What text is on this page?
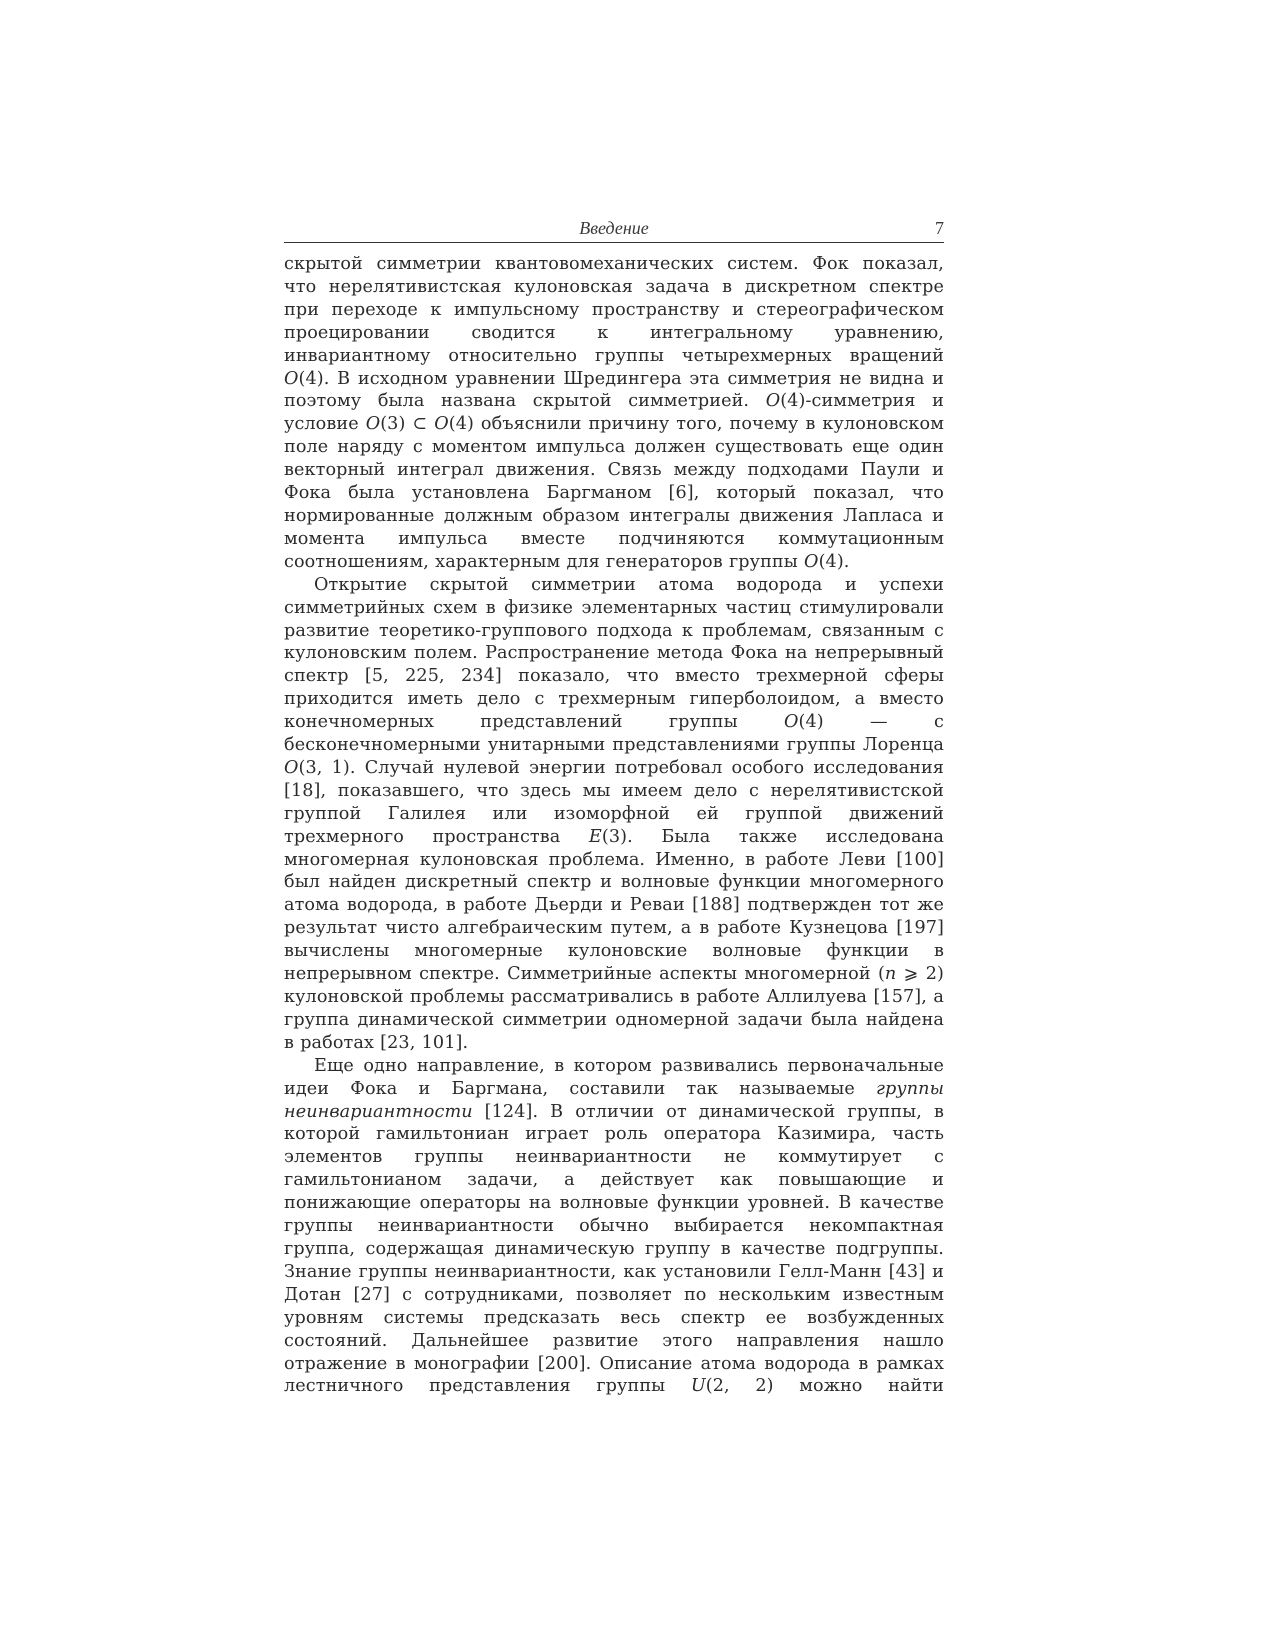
Введение	7

скрытой симметрии квантовомеханических систем. Фок показал, что нерелятивистская кулоновская задача в дискретном спектре при переходе к импульсному пространству и стереографическом проецировании сводится к интегральному уравнению, инвариантному относительно группы четырехмерных вращений O(4). В исходном уравнении Шредингера эта симметрия не видна и поэтому была названа скрытой симметрией. O(4)-симметрия и условие O(3) ⊂ O(4) объяснили причину того, почему в кулоновском поле наряду с моментом импульса должен существовать еще один векторный интеграл движения. Связь между подходами Паули и Фока была установлена Баргманом [6], который показал, что нормированные должным образом интегралы движения Лапласа и момента импульса вместе подчиняются коммутационным соотношениям, характерным для генераторов группы O(4).

Открытие скрытой симметрии атома водорода и успехи симметрийных схем в физике элементарных частиц стимулировали развитие теоретико-группового подхода к проблемам, связанным с кулоновским полем. Распространение метода Фока на непрерывный спектр [5, 225, 234] показало, что вместо трехмерной сферы приходится иметь дело с трехмерным гиперболоидом, а вместо конечномерных представлений группы O(4) — с бесконечномерными унитарными представлениями группы Лоренца O(3, 1). Случай нулевой энергии потребовал особого исследования [18], показавшего, что здесь мы имеем дело с нерелятивистской группой Галилея или изоморфной ей группой движений трехмерного пространства E(3). Была также исследована многомерная кулоновская проблема. Именно, в работе Леви [100] был найден дискретный спектр и волновые функции многомерного атома водорода, в работе Дьерди и Реваи [188] подтвержден тот же результат чисто алгебраическим путем, а в работе Кузнецова [197] вычислены многомерные кулоновские волновые функции в непрерывном спектре. Симметрийные аспекты многомерной (n ⩾ 2) кулоновской проблемы рассматривались в работе Аллилуева [157], а группа динамической симметрии одномерной задачи была найдена в работах [23, 101].

Еще одно направление, в котором развивались первоначальные идеи Фока и Баргмана, составили так называемые группы неинвариантности [124]. В отличии от динамической группы, в которой гамильтониан играет роль оператора Казимира, часть элементов группы неинвариантности не коммутирует с гамильтонианом задачи, а действует как повышающие и понижающие операторы на волновые функции уровней. В качестве группы неинвариантности обычно выбирается некомпактная группа, содержащая динамическую группу в качестве подгруппы. Знание группы неинвариантности, как установили Гелл-Манн [43] и Дотан [27] с сотрудниками, позволяет по нескольким известным уровням системы предсказать весь спектр ее возбужденных состояний. Дальнейшее развитие этого направления нашло отражение в монографии [200]. Описание атома водорода в рамках лестничного представления группы U(2, 2) можно найти
